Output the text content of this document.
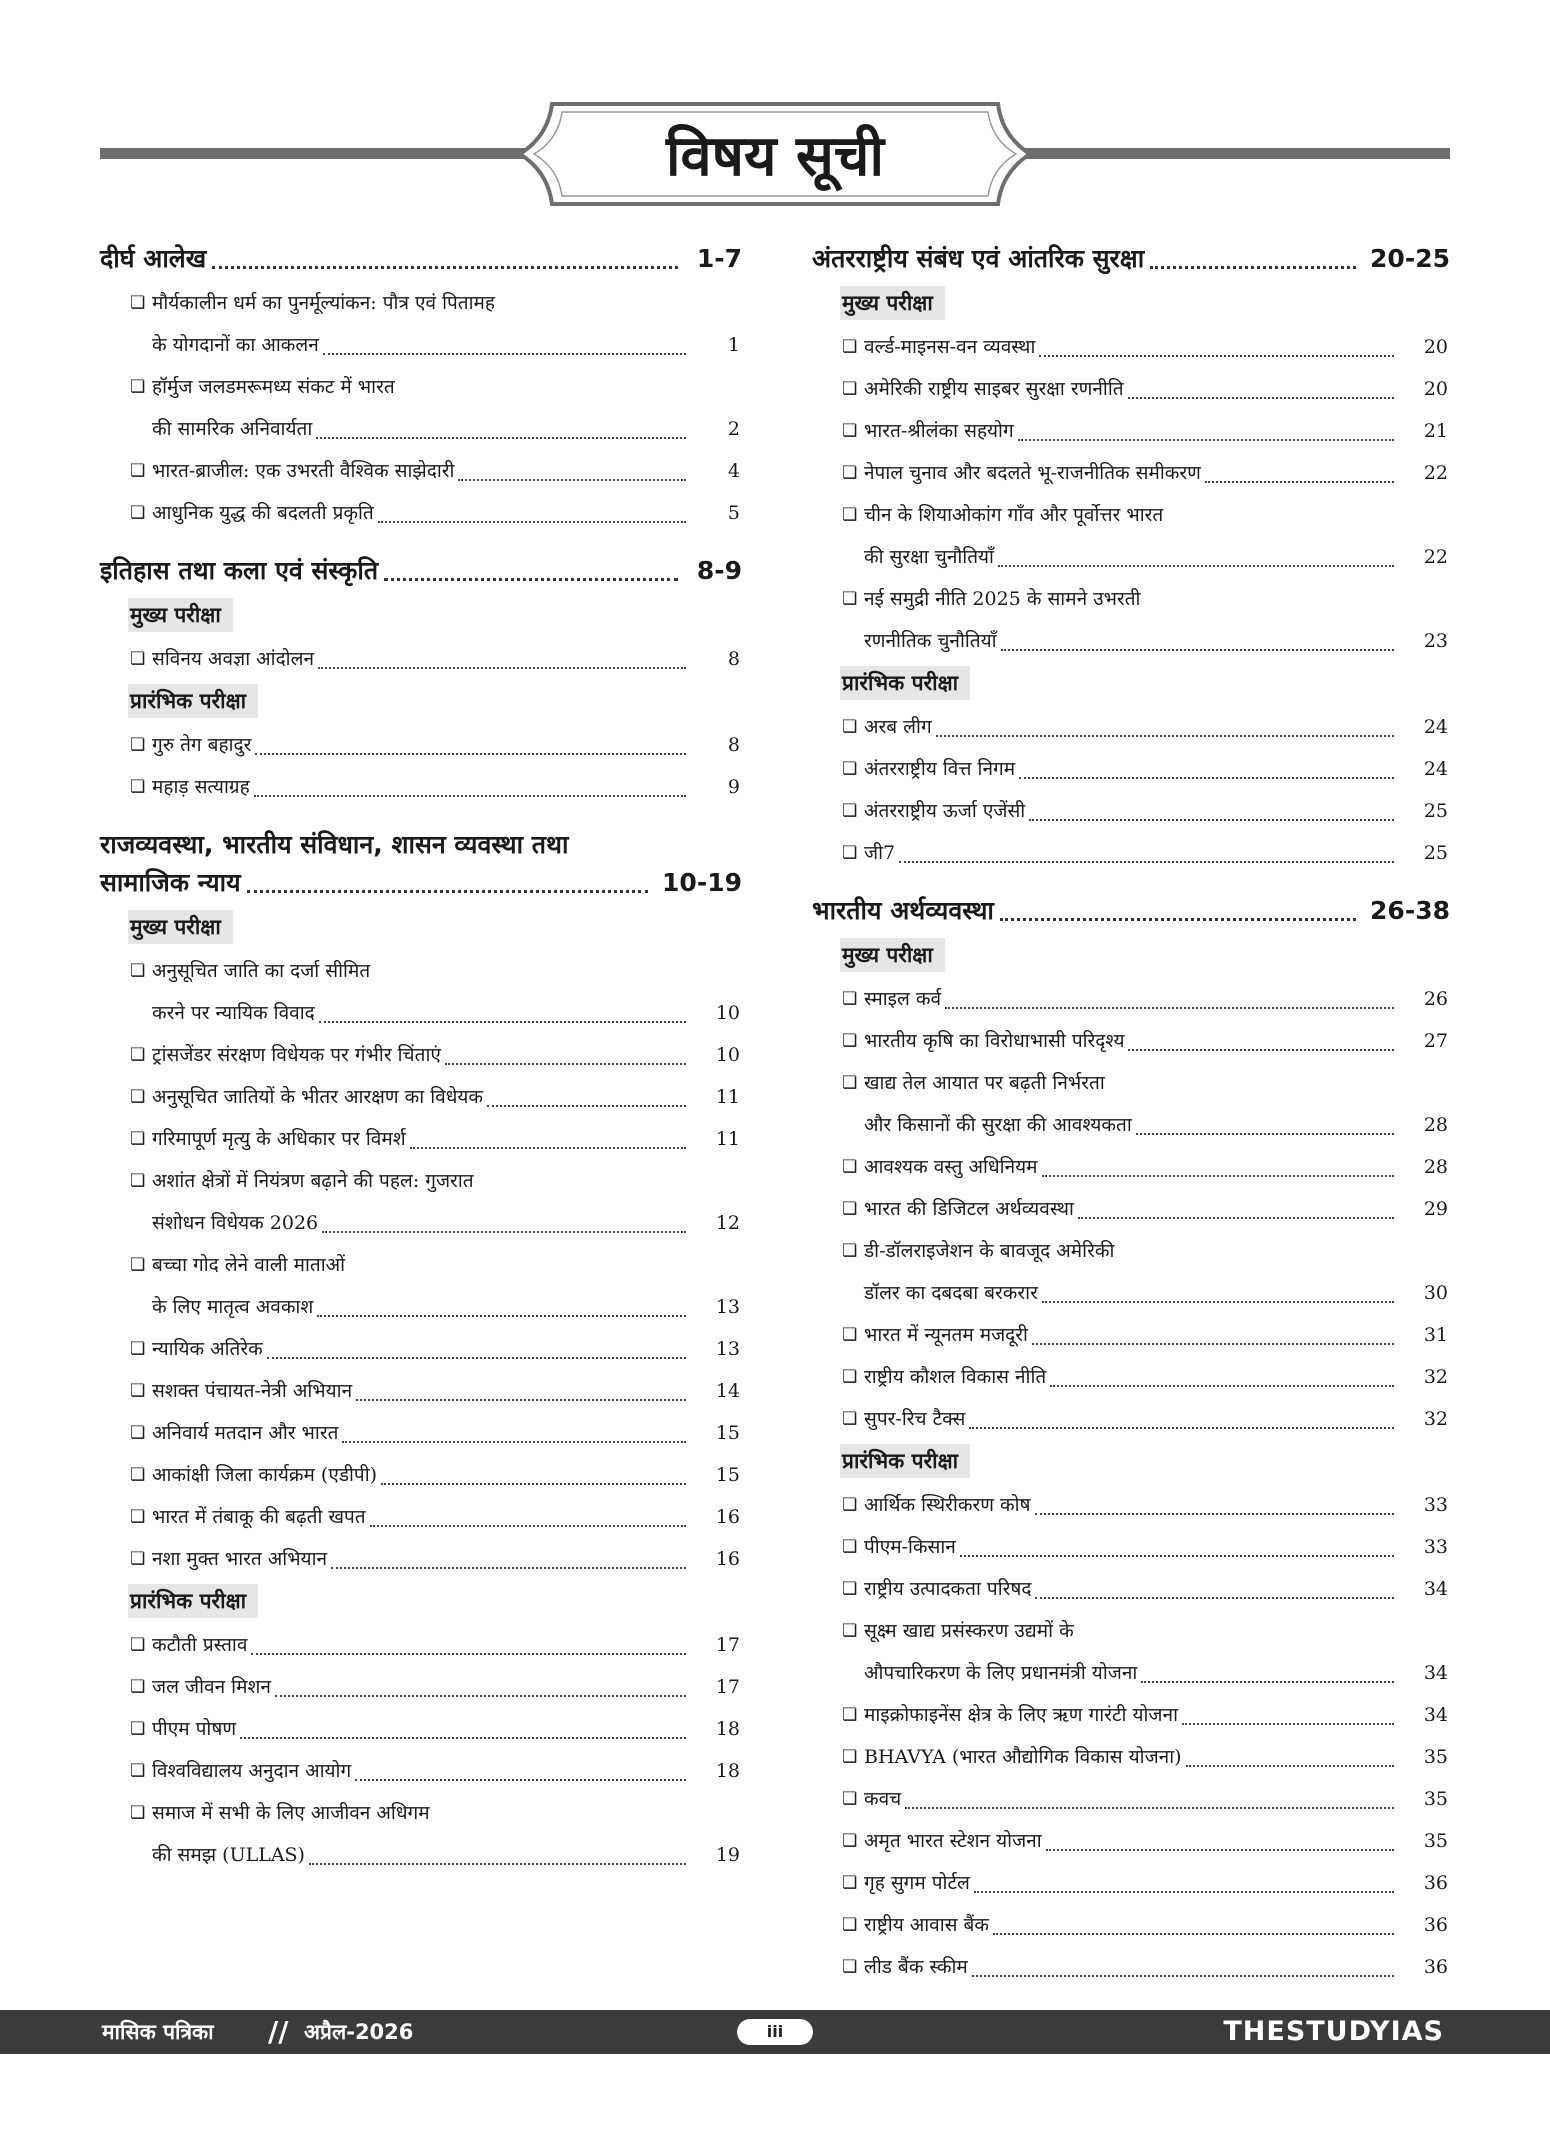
विषय सूची
दीर्घ आलेख	1-7
❏ मौर्यकालीन धर्म का पुनर्मूल्यांकन: पौत्र एवं पितामह
के योगदानों का आकलन	1
❏ हॉर्मुज जलडमरूमध्य संकट में भारत
की सामरिक अनिवार्यता	2
❏ भारत-ब्राजील: एक उभरती वैश्विक साझेदारी	4
❏ आधुनिक युद्ध की बदलती प्रकृति	5
इतिहास तथा कला एवं संस्कृति	8-9
मुख्य परीक्षा
❏ सविनय अवज्ञा आंदोलन	8
प्रारंभिक परीक्षा
❏ गुरु तेग बहादुर	8
❏ महाड़ सत्याग्रह	9
राजव्यवस्था, भारतीय संविधान, शासन व्यवस्था तथा
सामाजिक न्याय	10-19
मुख्य परीक्षा
❏ अनुसूचित जाति का दर्जा सीमित
करने पर न्यायिक विवाद	10
❏ ट्रांसजेंडर संरक्षण विधेयक पर गंभीर चिंताएं	10
❏ अनुसूचित जातियों के भीतर आरक्षण का विधेयक	11
❏ गरिमापूर्ण मृत्यु के अधिकार पर विमर्श	11
❏ अशांत क्षेत्रों में नियंत्रण बढ़ाने की पहल: गुजरात
संशोधन विधेयक 2026	12
❏ बच्चा गोद लेने वाली माताओं
के लिए मातृत्व अवकाश	13
❏ न्यायिक अतिरेक	13
❏ सशक्त पंचायत-नेत्री अभियान	14
❏ अनिवार्य मतदान और भारत	15
❏ आकांक्षी जिला कार्यक्रम (एडीपी)	15
❏ भारत में तंबाकू की बढ़ती खपत	16
❏ नशा मुक्त भारत अभियान	16
प्रारंभिक परीक्षा
❏ कटौती प्रस्ताव	17
❏ जल जीवन मिशन	17
❏ पीएम पोषण	18
❏ विश्वविद्यालय अनुदान आयोग	18
❏ समाज में सभी के लिए आजीवन अधिगम
की समझ (ULLAS)	19
अंतरराष्ट्रीय संबंध एवं आंतरिक सुरक्षा	20-25
मुख्य परीक्षा
❏ वर्ल्ड-माइनस-वन व्यवस्था	20
❏ अमेरिकी राष्ट्रीय साइबर सुरक्षा रणनीति	20
❏ भारत-श्रीलंका सहयोग	21
❏ नेपाल चुनाव और बदलते भू-राजनीतिक समीकरण	22
❏ चीन के शियाओकांग गाँव और पूर्वोत्तर भारत
की सुरक्षा चुनौतियाँ	22
❏ नई समुद्री नीति 2025 के सामने उभरती
रणनीतिक चुनौतियाँ	23
प्रारंभिक परीक्षा
❏ अरब लीग	24
❏ अंतरराष्ट्रीय वित्त निगम	24
❏ अंतरराष्ट्रीय ऊर्जा एजेंसी	25
❏ जी7	25
भारतीय अर्थव्यवस्था	26-38
मुख्य परीक्षा
❏ स्माइल कर्व	26
❏ भारतीय कृषि का विरोधाभासी परिदृश्य	27
❏ खाद्य तेल आयात पर बढ़ती निर्भरता
और किसानों की सुरक्षा की आवश्यकता	28
❏ आवश्यक वस्तु अधिनियम	28
❏ भारत की डिजिटल अर्थव्यवस्था	29
❏ डी-डॉलराइजेशन के बावजूद अमेरिकी
डॉलर का दबदबा बरकरार	30
❏ भारत में न्यूनतम मजदूरी	31
❏ राष्ट्रीय कौशल विकास नीति	32
❏ सुपर-रिच टैक्स	32
प्रारंभिक परीक्षा
❏ आर्थिक स्थिरीकरण कोष	33
❏ पीएम-किसान	33
❏ राष्ट्रीय उत्पादकता परिषद	34
❏ सूक्ष्म खाद्य प्रसंस्करण उद्यमों के
औपचारिकरण के लिए प्रधानमंत्री योजना	34
❏ माइक्रोफाइनेंस क्षेत्र के लिए ऋण गारंटी योजना	34
❏ BHAVYA (भारत औद्योगिक विकास योजना)	35
❏ कवच	35
❏ अमृत भारत स्टेशन योजना	35
❏ गृह सुगम पोर्टल	36
❏ राष्ट्रीय आवास बैंक	36
❏ लीड बैंक स्कीम	36
मासिक पत्रिका // अप्रैल-2026	iii	THESTUDYIAS
